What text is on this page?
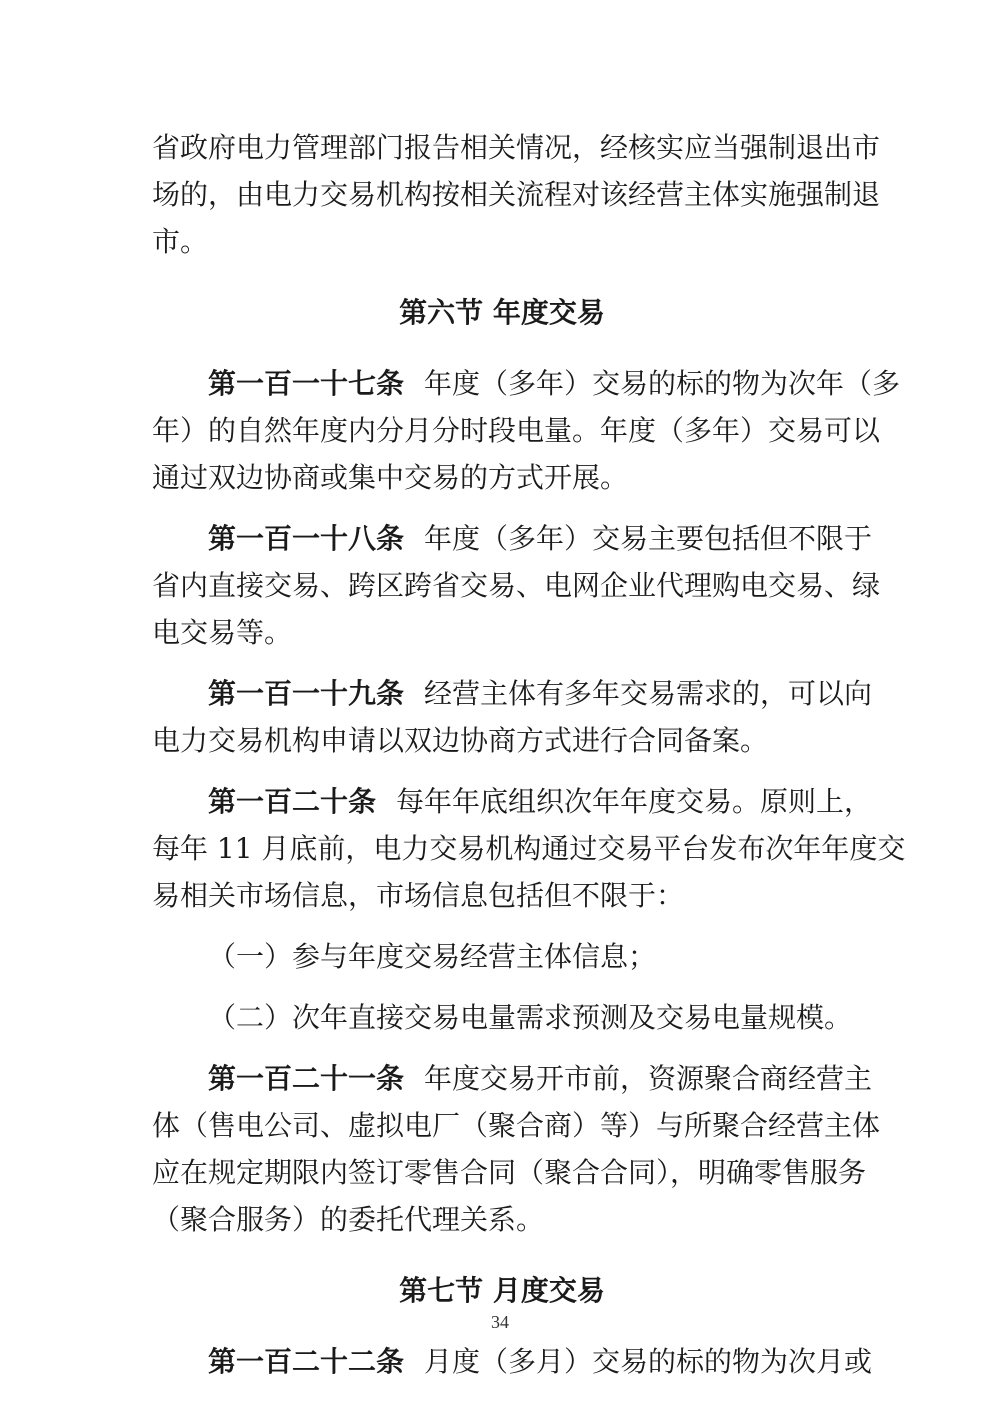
省政府电力管理部门报告相关情况，经核实应当强制退出市
场的，由电力交易机构按相关流程对该经营主体实施强制退
市。
第六节 年度交易
第一百一十七条 年度（多年）交易的标的物为次年（多
年）的自然年度内分月分时段电量。年度（多年）交易可以
通过双边协商或集中交易的方式开展。
第一百一十八条 年度（多年）交易主要包括但不限于
省内直接交易、跨区跨省交易、电网企业代理购电交易、绿
电交易等。
第一百一十九条 经营主体有多年交易需求的，可以向
电力交易机构申请以双边协商方式进行合同备案。
第一百二十条 每年年底组织次年年度交易。原则上，
每年 11 月底前，电力交易机构通过交易平台发布次年年度交
易相关市场信息，市场信息包括但不限于：
（一）参与年度交易经营主体信息；
（二）次年直接交易电量需求预测及交易电量规模。
第一百二十一条 年度交易开市前，资源聚合商经营主
体（售电公司、虚拟电厂（聚合商）等）与所聚合经营主体
应在规定期限内签订零售合同（聚合合同），明确零售服务
（聚合服务）的委托代理关系。
第七节 月度交易
第一百二十二条 月度（多月）交易的标的物为次月或
34
